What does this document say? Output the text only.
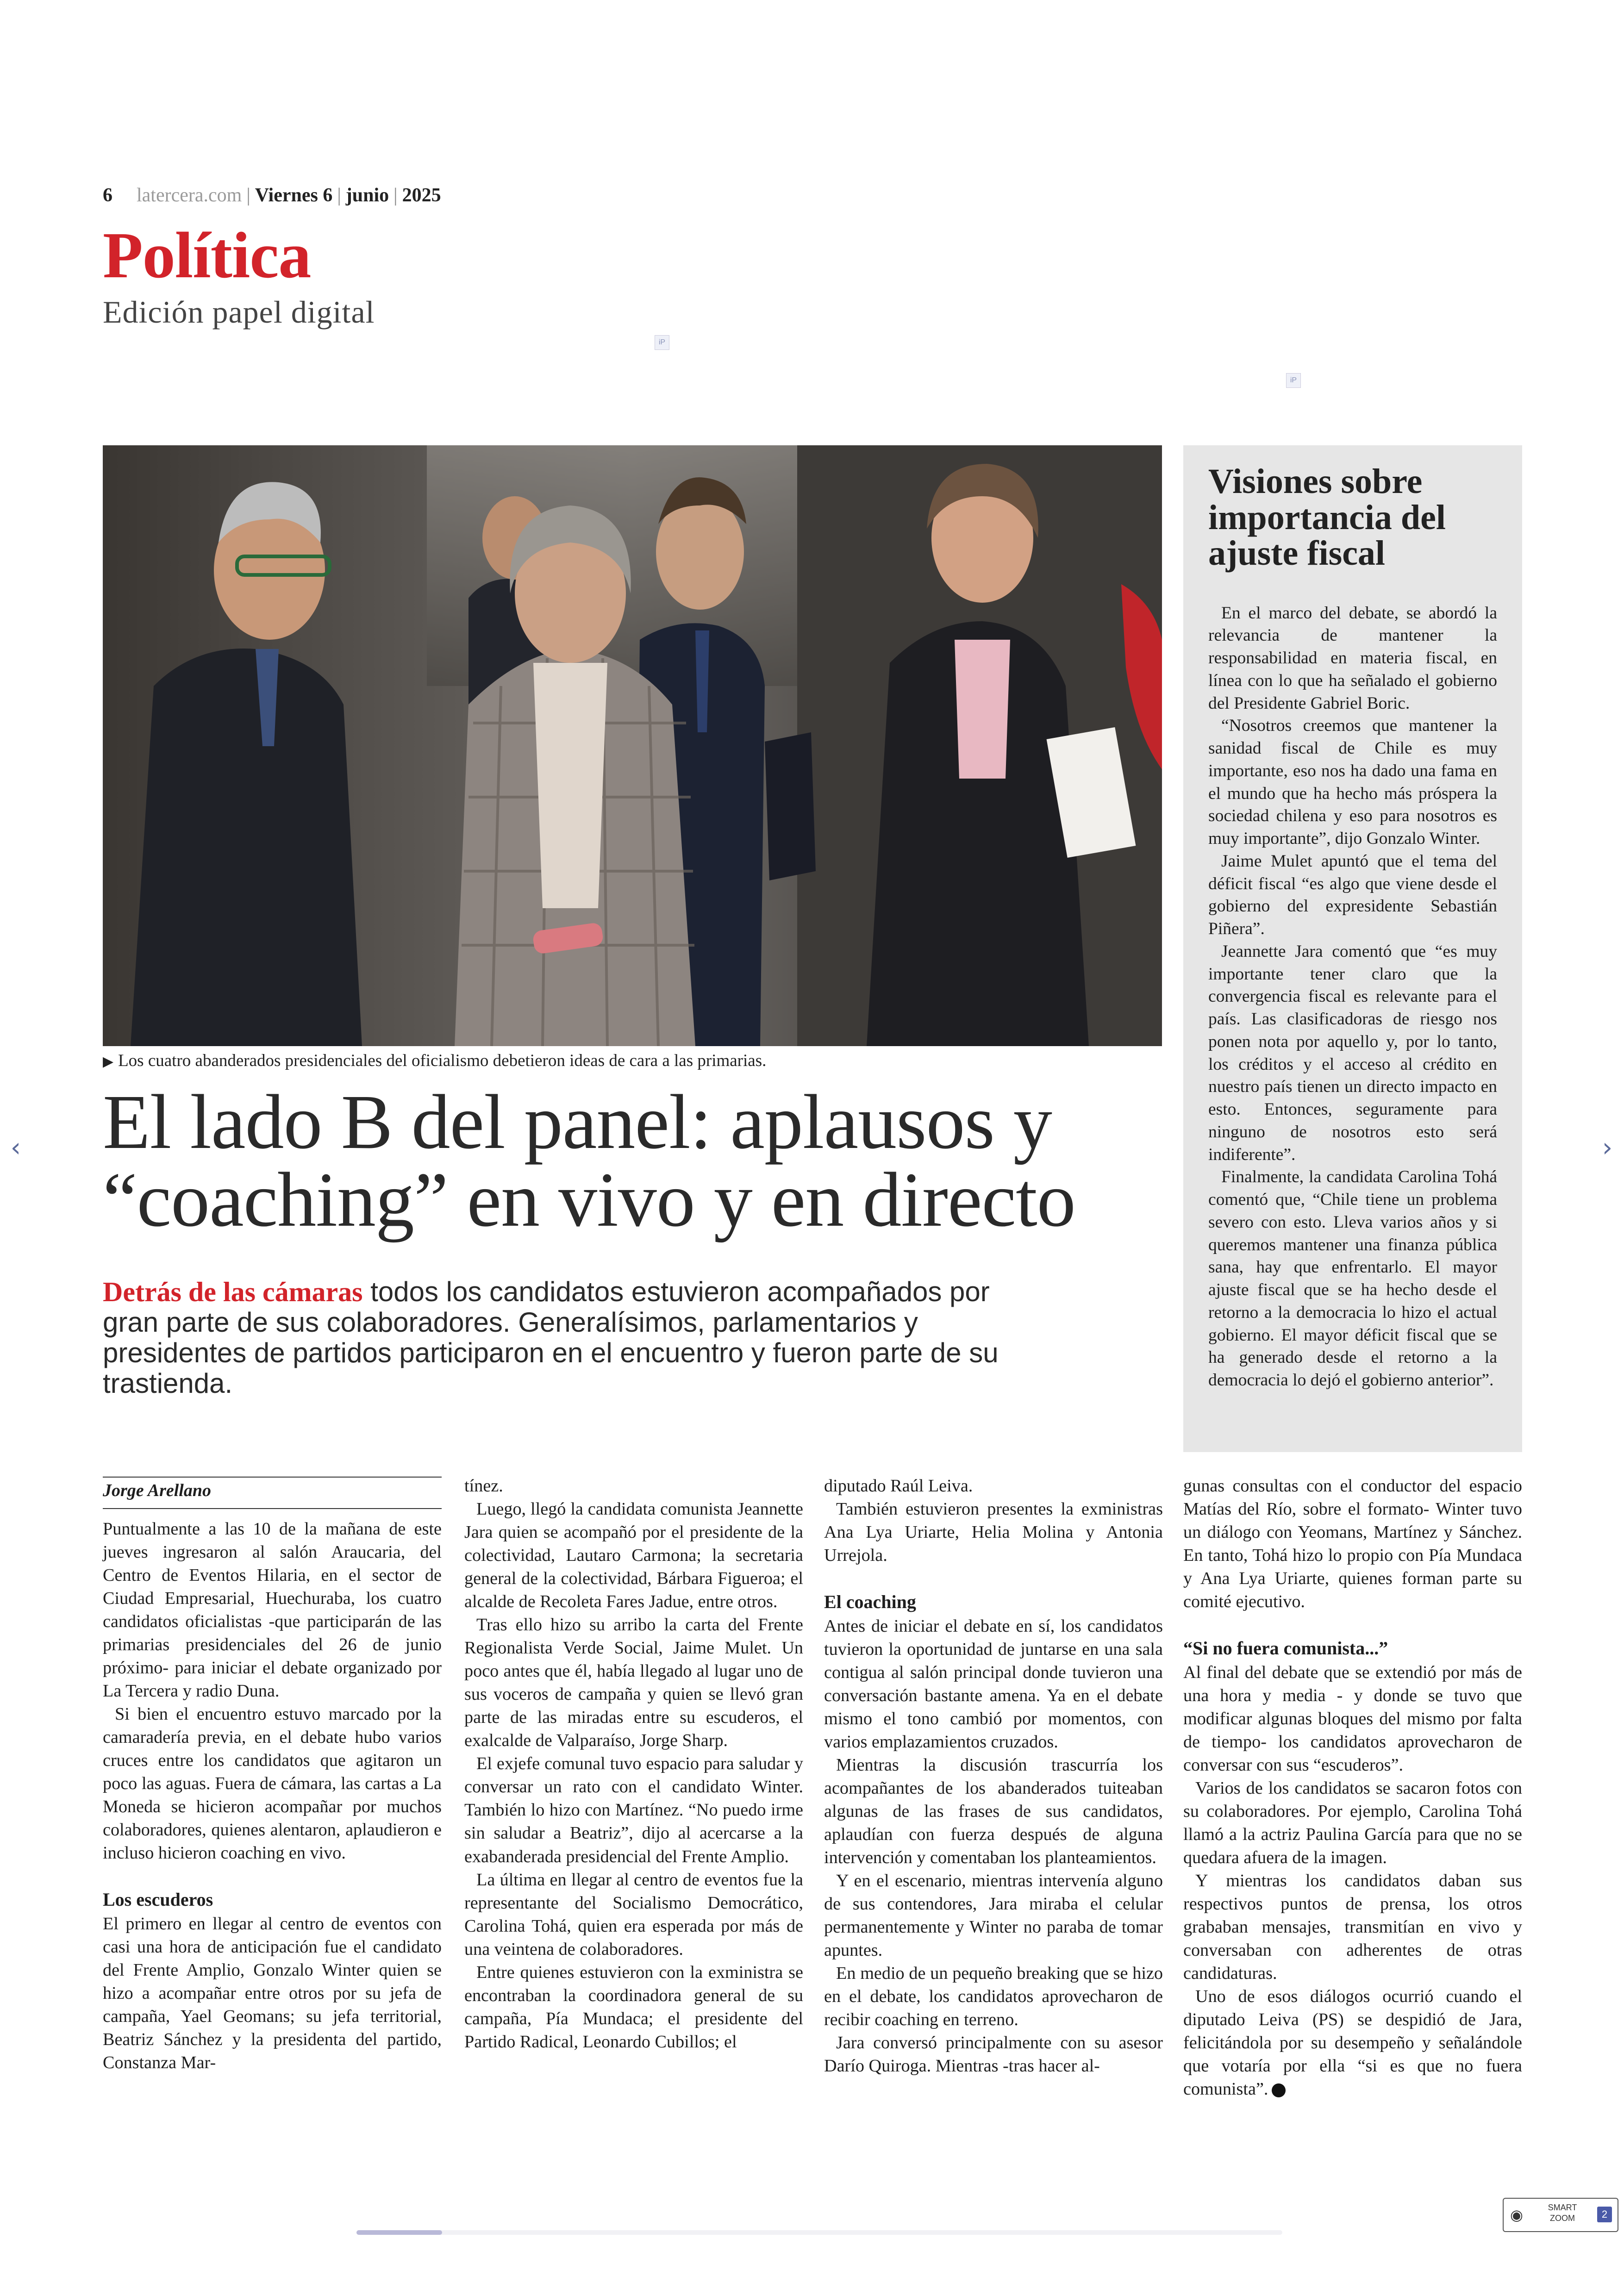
6 latercera.com | Viernes 6 | junio | 2025
Política
Edición papel digital
iP
iP
▶ Los cuatro abanderados presidenciales del oficialismo debetieron ideas de cara a las primarias.
El lado B del panel: aplausos y
“coaching” en vivo y en directo
Detrás de las cámaras todos los candidatos estuvieron acompañados por gran parte de sus colaboradores. Generalísimos, parlamentarios y presidentes de partidos participaron en el encuentro y fueron parte de su trastienda.
Visiones sobre importancia del ajuste fiscal

En el marco del debate, se abordó la relevancia de mantener la responsabilidad en materia fiscal, en línea con lo que ha señalado el gobierno del Presidente Gabriel Boric.

“Nosotros creemos que mantener la sanidad fiscal de Chile es muy importante, eso nos ha dado una fama en el mundo que ha hecho más próspera la sociedad chilena y eso para nosotros es muy importante”, dijo Gonzalo Winter.

Jaime Mulet apuntó que el tema del déficit fiscal “es algo que viene desde el gobierno del expresidente Sebastián Piñera”.

Jeannette Jara comentó que “es muy importante tener claro que la convergencia fiscal es relevante para el país. Las clasificadoras de riesgo nos ponen nota por aquello y, por lo tanto, los créditos y el acceso al crédito en nuestro país tienen un directo impacto en esto. Entonces, seguramente para ninguno de nosotros esto será indiferente”.

Finalmente, la candidata Carolina Tohá comentó que, “Chile tiene un problema severo con esto. Lleva varios años y si queremos mantener una finanza pública sana, hay que enfrentarlo. El mayor ajuste fiscal que se ha hecho desde el retorno a la democracia lo hizo el actual gobierno. El mayor déficit fiscal que se ha generado desde el retorno a la democracia lo dejó el gobierno anterior”.

Jorge Arellano

Puntualmente a las 10 de la mañana de este jueves ingresaron al salón Araucaria, del Centro de Eventos Hilaria, en el sector de Ciudad Empresarial, Huechuraba, los cuatro candidatos oficialistas -que participarán de las primarias presidenciales del 26 de junio próximo- para iniciar el debate organizado por La Tercera y radio Duna.

Si bien el encuentro estuvo marcado por la camaradería previa, en el debate hubo varios cruces entre los candidatos que agitaron un poco las aguas. Fuera de cámara, las cartas a La Moneda se hicieron acompañar por muchos colaboradores, quienes alentaron, aplaudieron e incluso hicieron coaching en vivo.

Los escuderos

El primero en llegar al centro de eventos con casi una hora de anticipación fue el candidato del Frente Amplio, Gonzalo Winter quien se hizo a acompañar entre otros por su jefa de campaña, Yael Geomans; su jefa territorial, Beatriz Sánchez y la presidenta del partido, Constanza Mar-

tínez.

Luego, llegó la candidata comunista Jeannette Jara quien se acompañó por el presidente de la colectividad, Lautaro Carmona; la secretaria general de la colectividad, Bárbara Figueroa; el alcalde de Recoleta Fares Jadue, entre otros.

Tras ello hizo su arribo la carta del Frente Regionalista Verde Social, Jaime Mulet. Un poco antes que él, había llegado al lugar uno de sus voceros de campaña y quien se llevó gran parte de las miradas entre su escuderos, el exalcalde de Valparaíso, Jorge Sharp.

El exjefe comunal tuvo espacio para saludar y conversar un rato con el candidato Winter. También lo hizo con Martínez. “No puedo irme sin saludar a Beatriz”, dijo al acercarse a la exabanderada presidencial del Frente Amplio.

La última en llegar al centro de eventos fue la representante del Socialismo Democrático, Carolina Tohá, quien era esperada por más de una veintena de colaboradores.

Entre quienes estuvieron con la exministra se encontraban la coordinadora general de su campaña, Pía Mundaca; el presidente del Partido Radical, Leonardo Cubillos; el

diputado Raúl Leiva.

También estuvieron presentes la exministras Ana Lya Uriarte, Helia Molina y Antonia Urrejola.

El coaching

Antes de iniciar el debate en sí, los candidatos tuvieron la oportunidad de juntarse en una sala contigua al salón principal donde tuvieron una conversación bastante amena. Ya en el debate mismo el tono cambió por momentos, con varios emplazamientos cruzados.

Mientras la discusión trascurría los acompañantes de los abanderados tuiteaban algunas de las frases de sus candidatos, aplaudían con fuerza después de alguna intervención y comentaban los planteamientos.

Y en el escenario, mientras intervenía alguno de sus contendores, Jara miraba el celular permanentemente y Winter no paraba de tomar apuntes.

En medio de un pequeño breaking que se hizo en el debate, los candidatos aprovecharon de recibir coaching en terreno.

Jara conversó principalmente con su asesor Darío Quiroga. Mientras -tras hacer al-

gunas consultas con el conductor del espacio Matías del Río, sobre el formato- Winter tuvo un diálogo con Yeomans, Martínez y Sánchez. En tanto, Tohá hizo lo propio con Pía Mundaca y Ana Lya Uriarte, quienes forman parte su comité ejecutivo.

“Si no fuera comunista...”

Al final del debate que se extendió por más de una hora y media - y donde se tuvo que modificar algunas bloques del mismo por falta de tiempo- los candidatos aprovecharon de conversar con sus “escuderos”.

Varios de los candidatos se sacaron fotos con su colaboradores. Por ejemplo, Carolina Tohá llamó a la actriz Paulina García para que no se quedara afuera de la imagen.

Y mientras los candidatos daban sus respectivos puntos de prensa, los otros grababan mensajes, transmitían en vivo y conversaban con adherentes de otras candidaturas.

Uno de esos diálogos ocurrió cuando el diputado Leiva (PS) se despidió de Jara, felicitándola por su desempeño y señalándole que votaría por ella “si es que no fuera comunista”.

‹	›
◉	SMART
ZOOM	2
